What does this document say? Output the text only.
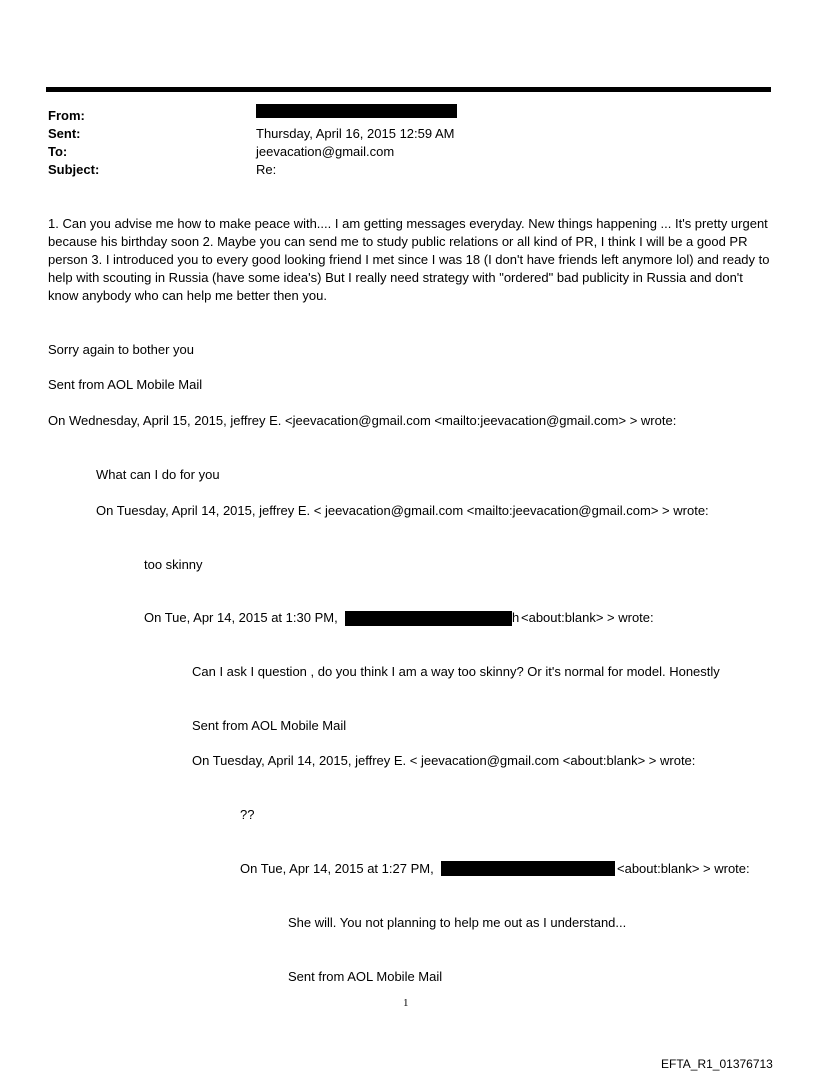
From:
Sent:	Thursday, April 16, 2015 12:59 AM
To:	jeevacation@gmail.com
Subject:	Re:
1. Can you advise me how to make peace with.... I am getting messages everyday. New things happening ... It's pretty urgent because his birthday soon 2. Maybe you can send me to study public relations or all kind of PR, I think I will be a good PR person 3. I introduced you to every good looking friend I met since I was 18 (I don't have friends left anymore lol) and ready to help with scouting in Russia (have some idea's) But I really need strategy with "ordered" bad publicity in Russia and don't know anybody who can help me better then you.
Sorry again to bother you
Sent from AOL Mobile Mail
On Wednesday, April 15, 2015, jeffrey E. <jeevacation@gmail.com <mailto:jeevacation@gmail.com> > wrote:
What can I do for you
On Tuesday, April 14, 2015, jeffrey E. < jeevacation@gmail.com <mailto:jeevacation@gmail.com> > wrote:
too skinny
On Tue, Apr 14, 2015 at 1:30 PM,	h <about:blank> > wrote:
Can I ask I question , do you think I am a way too skinny? Or it's normal for model. Honestly
Sent from AOL Mobile Mail
On Tuesday, April 14, 2015, jeffrey E. < jeevacation@gmail.com <about:blank> > wrote:
??
On Tue, Apr 14, 2015 at 1:27 PM,	<about:blank> > wrote:
She will. You not planning to help me out as I understand...
Sent from AOL Mobile Mail
1
EFTA_R1_01376713
